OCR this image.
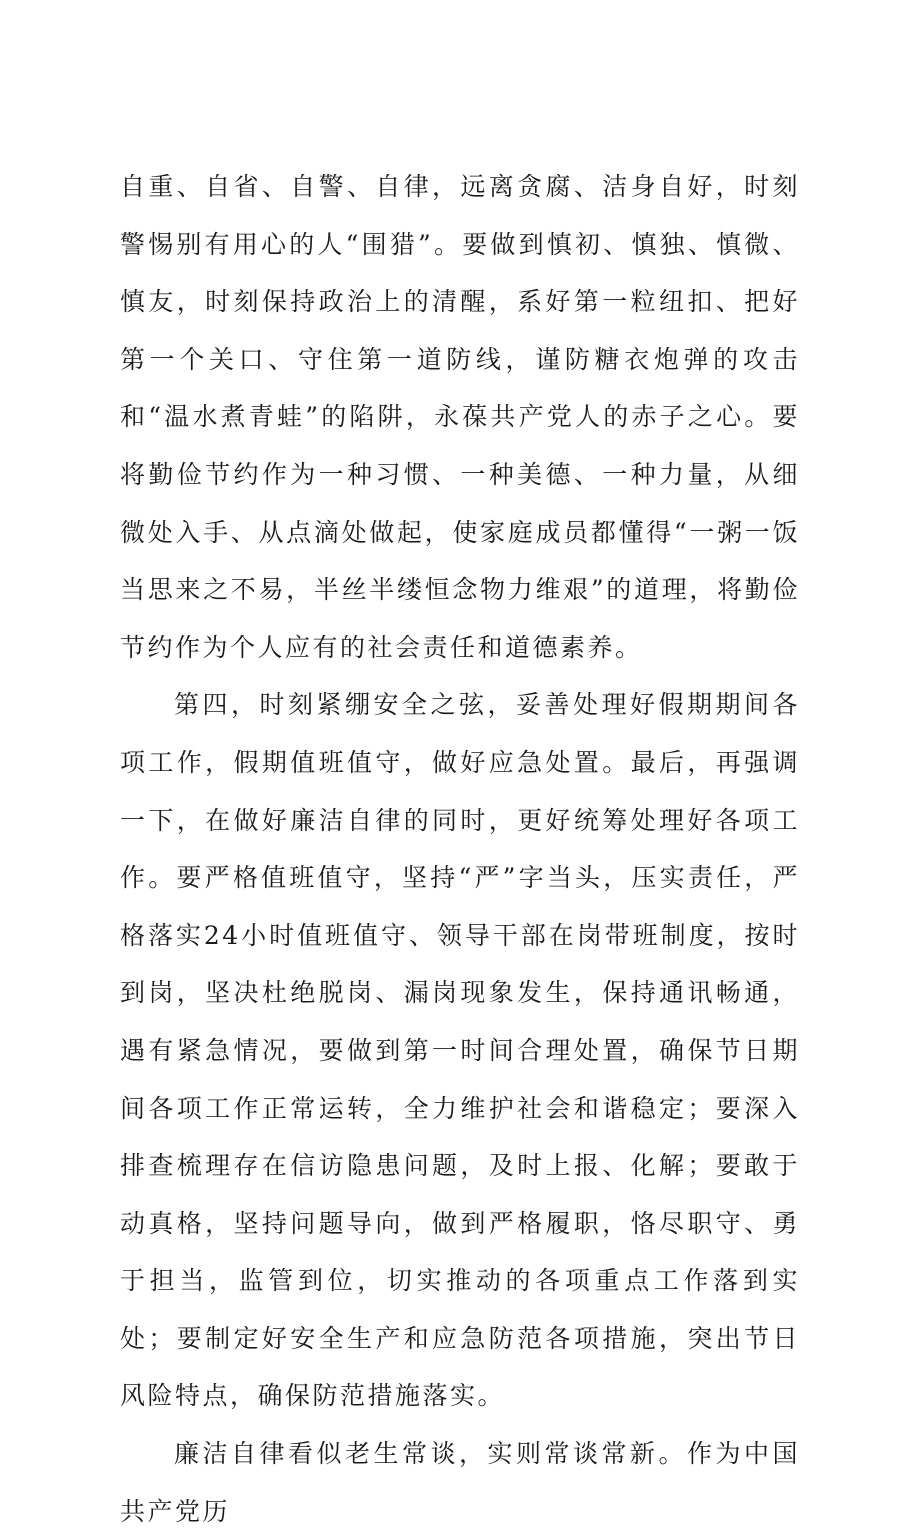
自重、自省、自警、自律，远离贪腐、洁身自好，时刻警惕别有用心的人“围猎”。要做到慎初、慎独、慎微、慎友，时刻保持政治上的清醒，系好第一粒纽扣、把好第一个关口、守住第一道防线，谨防糖衣炮弹的攻击和“温水煮青蛙”的陷阱，永葆共产党人的赤子之心。要将勤俭节约作为一种习惯、一种美德、一种力量，从细微处入手、从点滴处做起，使家庭成员都懂得“一粥一饭当思来之不易，半丝半缕恒念物力维艰”的道理，将勤俭节约作为个人应有的社会责任和道德素养。

第四，时刻紧绷安全之弦，妥善处理好假期期间各项工作，假期值班值守，做好应急处置。最后，再强调一下，在做好廉洁自律的同时，更好统筹处理好各项工作。要严格值班值守，坚持“严”字当头，压实责任，严格落实24小时值班值守、领导干部在岗带班制度，按时到岗，坚决杜绝脱岗、漏岗现象发生，保持通讯畅通，遇有紧急情况，要做到第一时间合理处置，确保节日期间各项工作正常运转，全力维护社会和谐稳定；要深入排查梳理存在信访隐患问题，及时上报、化解；要敢于动真格，坚持问题导向，做到严格履职，恪尽职守、勇于担当，监管到位，切实推动的各项重点工作落到实处；要制定好安全生产和应急防范各项措施，突出节日风险特点，确保防范措施落实。

廉洁自律看似老生常谈，实则常谈常新。作为中国共产党历
